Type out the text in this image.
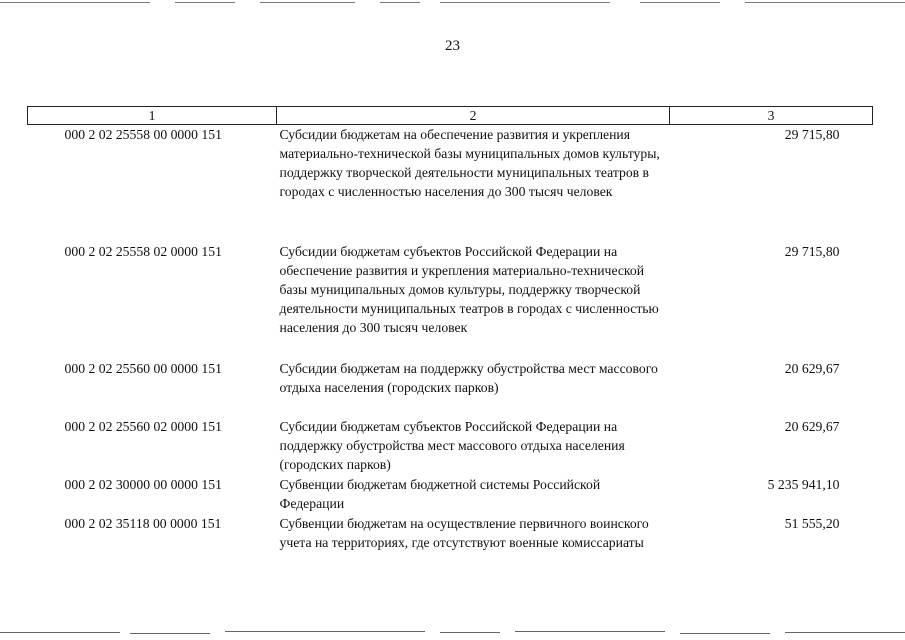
23
1	2	3
000 2 02 25558 00 0000 151	Субсидии бюджетам на обеспечение развития и укрепления материально-технической базы муниципальных домов культуры, поддержку творческой деятельности муниципальных театров в городах с численностью населения до 300 тысяч человек	29 715,80
000 2 02 25558 02 0000 151	Субсидии бюджетам субъектов Российской Федерации на обеспечение развития и укрепления материально-технической базы муниципальных домов культуры, поддержку творческой деятельности муниципальных театров в городах с численностью населения до 300 тысяч человек	29 715,80
000 2 02 25560 00 0000 151	Субсидии бюджетам на поддержку обустройства мест массового отдыха населения (городских парков)	20 629,67
000 2 02 25560 02 0000 151	Субсидии бюджетам субъектов Российской Федерации на поддержку обустройства мест массового отдыха населения (городских парков)	20 629,67
000 2 02 30000 00 0000 151	Субвенции бюджетам бюджетной системы Российской Федерации	5 235 941,10
000 2 02 35118 00 0000 151	Субвенции бюджетам на осуществление первичного воинского учета на территориях, где отсутствуют военные комиссариаты	51 555,20
